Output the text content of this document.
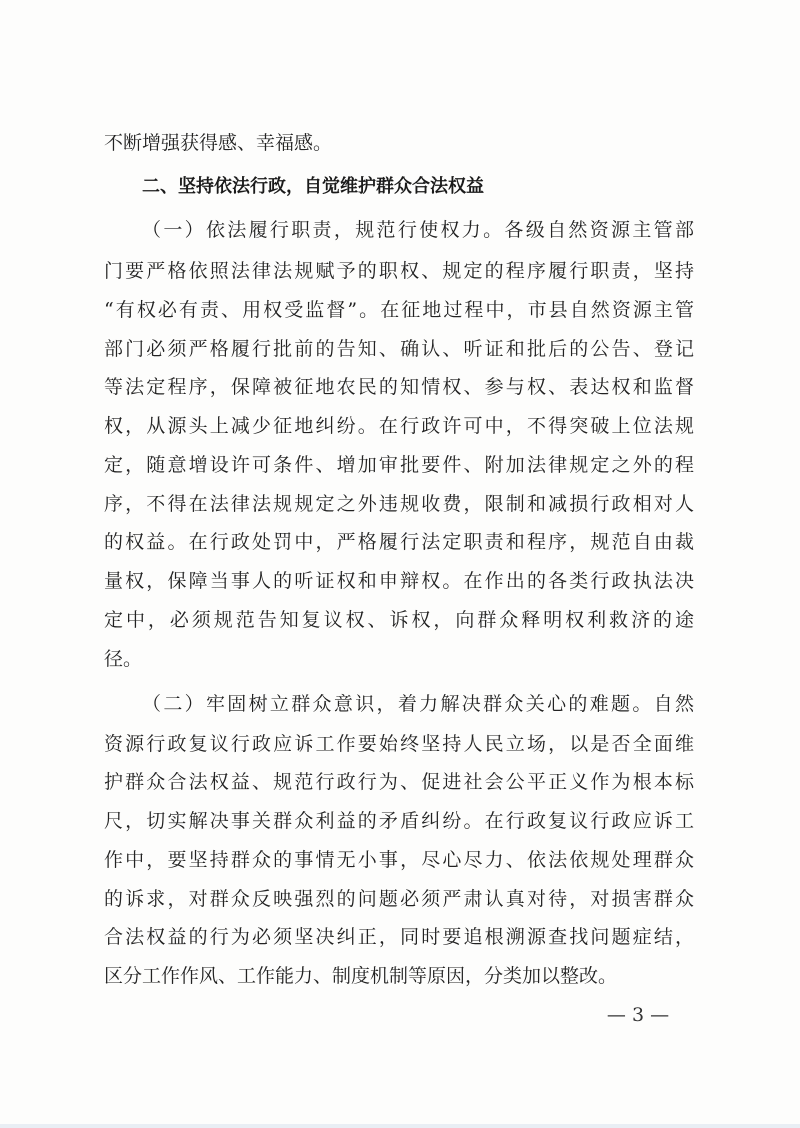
不断增强获得感、幸福感。
二、坚持依法行政，自觉维护群众合法权益
（一）依法履行职责，规范行使权力。各级自然资源主管部
门要严格依照法律法规赋予的职权、规定的程序履行职责，坚持
“有权必有责、用权受监督”。在征地过程中，市县自然资源主管
部门必须严格履行批前的告知、确认、听证和批后的公告、登记
等法定程序，保障被征地农民的知情权、参与权、表达权和监督
权，从源头上减少征地纠纷。在行政许可中，不得突破上位法规
定，随意增设许可条件、增加审批要件、附加法律规定之外的程
序，不得在法律法规规定之外违规收费，限制和减损行政相对人
的权益。在行政处罚中，严格履行法定职责和程序，规范自由裁
量权，保障当事人的听证权和申辩权。在作出的各类行政执法决
定中，必须规范告知复议权、诉权，向群众释明权利救济的途
径。
（二）牢固树立群众意识，着力解决群众关心的难题。自然
资源行政复议行政应诉工作要始终坚持人民立场，以是否全面维
护群众合法权益、规范行政行为、促进社会公平正义作为根本标
尺，切实解决事关群众利益的矛盾纠纷。在行政复议行政应诉工
作中，要坚持群众的事情无小事，尽心尽力、依法依规处理群众
的诉求，对群众反映强烈的问题必须严肃认真对待，对损害群众
合法权益的行为必须坚决纠正，同时要追根溯源查找问题症结，
区分工作作风、工作能力、制度机制等原因，分类加以整改。
— 3 —
